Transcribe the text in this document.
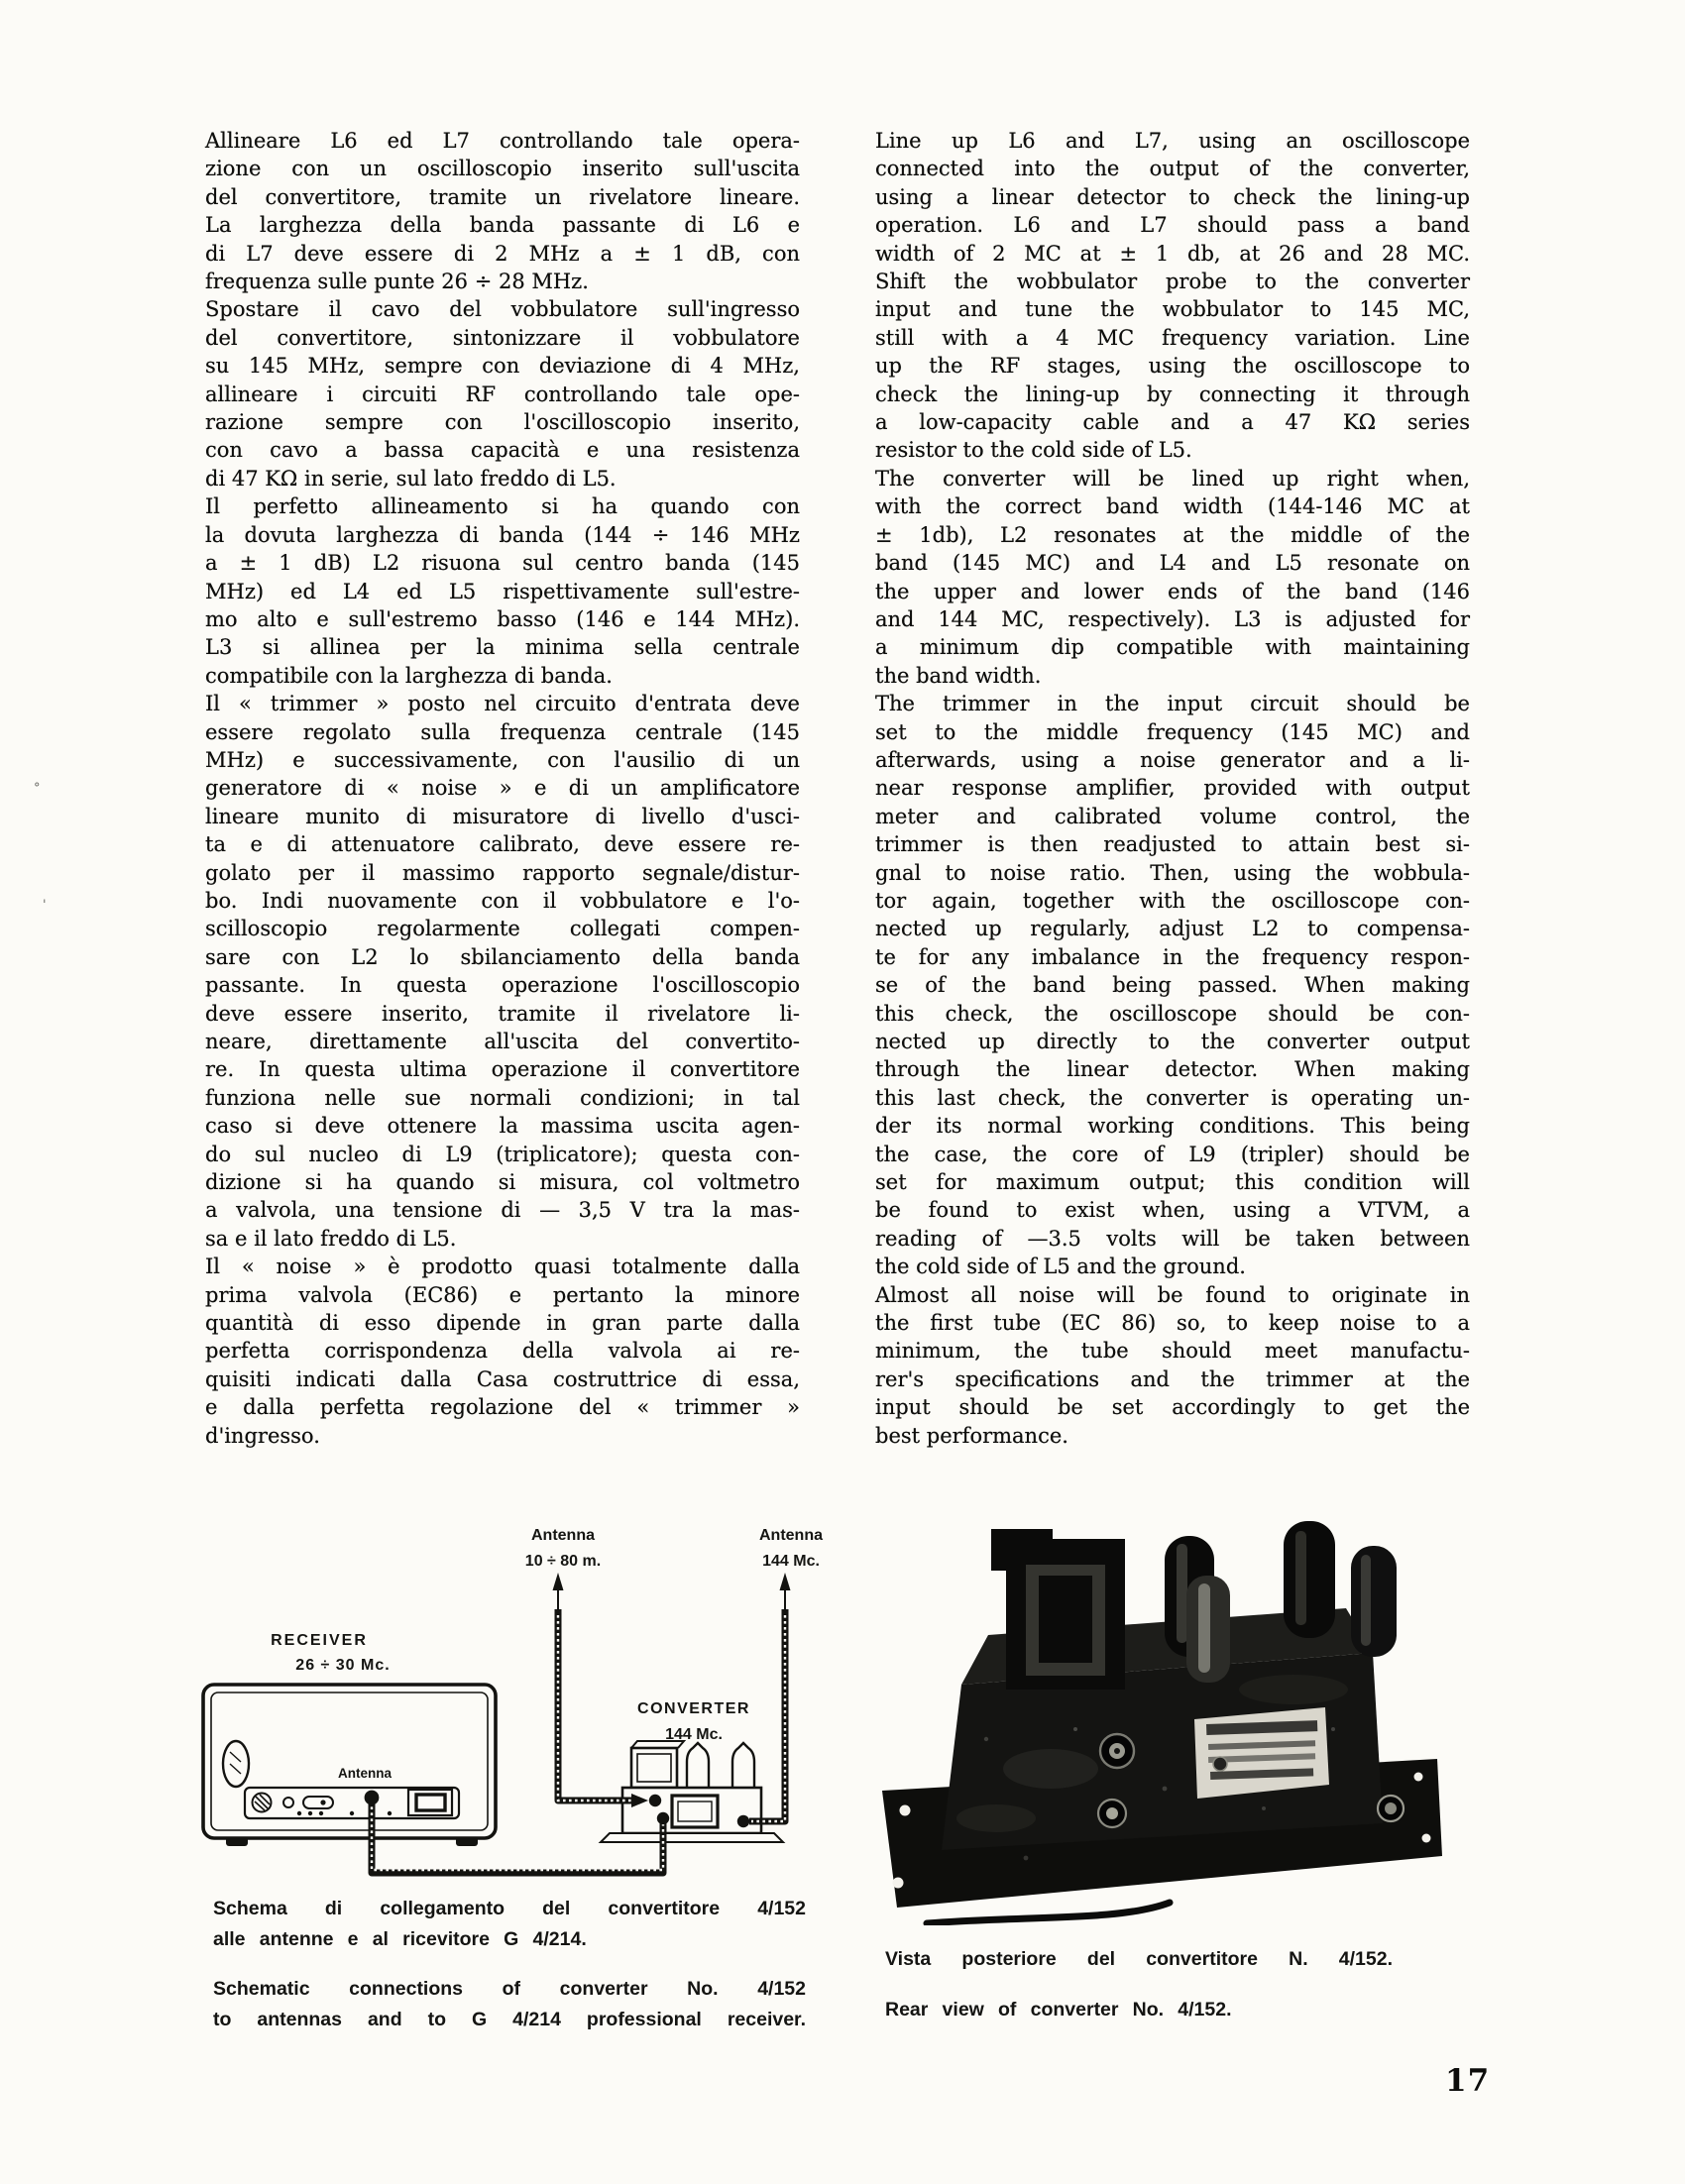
°
'
Allineare L6 ed L7 controllando tale opera-
zione con un oscilloscopio inserito sull'uscita
del convertitore, tramite un rivelatore lineare.
La larghezza della banda passante di L6 e
di L7 deve essere di 2 MHz a ± 1 dB, con
frequenza sulle punte 26 ÷ 28 MHz.
Spostare il cavo del vobbulatore sull'ingresso
del convertitore, sintonizzare il vobbulatore
su 145 MHz, sempre con deviazione di 4 MHz,
allineare i circuiti RF controllando tale ope-
razione sempre con l'oscilloscopio inserito,
con cavo a bassa capacità e una resistenza
di 47 KΩ in serie, sul lato freddo di L5.
Il perfetto allineamento si ha quando con
la dovuta larghezza di banda (144 ÷ 146 MHz
a ± 1 dB) L2 risuona sul centro banda (145
MHz) ed L4 ed L5 rispettivamente sull'estre-
mo alto e sull'estremo basso (146 e 144 MHz).
L3 si allinea per la minima sella centrale
compatibile con la larghezza di banda.
Il « trimmer » posto nel circuito d'entrata deve
essere regolato sulla frequenza centrale (145
MHz) e successivamente, con l'ausilio di un
generatore di « noise » e di un amplificatore
lineare munito di misuratore di livello d'usci-
ta e di attenuatore calibrato, deve essere re-
golato per il massimo rapporto segnale/distur-
bo. Indi nuovamente con il vobbulatore e l'o-
scilloscopio regolarmente collegati compen-
sare con L2 lo sbilanciamento della banda
passante. In questa operazione l'oscilloscopio
deve essere inserito, tramite il rivelatore li-
neare, direttamente all'uscita del convertito-
re. In questa ultima operazione il convertitore
funziona nelle sue normali condizioni; in tal
caso si deve ottenere la massima uscita agen-
do sul nucleo di L9 (triplicatore); questa con-
dizione si ha quando si misura, col voltmetro
a valvola, una tensione di — 3,5 V tra la mas-
sa e il lato freddo di L5.
Il « noise » è prodotto quasi totalmente dalla
prima valvola (EC86) e pertanto la minore
quantità di esso dipende in gran parte dalla
perfetta corrispondenza della valvola ai re-
quisiti indicati dalla Casa costruttrice di essa,
e dalla perfetta regolazione del « trimmer »
d'ingresso.
Line up L6 and L7, using an oscilloscope
connected into the output of the converter,
using a linear detector to check the lining-up
operation. L6 and L7 should pass a band
width of 2 MC at ± 1 db, at 26 and 28 MC.
Shift the wobbulator probe to the converter
input and tune the wobbulator to 145 MC,
still with a 4 MC frequency variation. Line
up the RF stages, using the oscilloscope to
check the lining-up by connecting it through
a low-capacity cable and a 47 KΩ series
resistor to the cold side of L5.
The converter will be lined up right when,
with the correct band width (144-146 MC at
± 1db), L2 resonates at the middle of the
band (145 MC) and L4 and L5 resonate on
the upper and lower ends of the band (146
and 144 MC, respectively). L3 is adjusted for
a minimum dip compatible with maintaining
the band width.
The trimmer in the input circuit should be
set to the middle frequency (145 MC) and
afterwards, using a noise generator and a li-
near response amplifier, provided with output
meter and calibrated volume control, the
trimmer is then readjusted to attain best si-
gnal to noise ratio. Then, using the wobbula-
tor again, together with the oscilloscope con-
nected up regularly, adjust L2 to compensa-
te for any imbalance in the frequency respon-
se of the band being passed. When making
this check, the oscilloscope should be con-
nected up directly to the converter output
through the linear detector. When making
this last check, the converter is operating un-
der its normal working conditions. This being
the case, the core of L9 (tripler) should be
set for maximum output; this condition will
be found to exist when, using a VTVM, a
reading of —3.5 volts will be taken between
the cold side of L5 and the ground.
Almost all noise will be found to originate in
the first tube (EC 86) so, to keep noise to a
minimum, the tube should meet manufactu-
rer's specifications and the trimmer at the
input should be set accordingly to get the
best performance.
Antenna
10 ÷ 80 m.
Antenna
144 Mc.
RECEIVER
26 ÷ 30 Mc.
CONVERTER
144 Mc.
Antenna
Schema di collegamento del convertitore 4/152
alle antenne e al ricevitore G 4/214.
Schematic connections of converter No. 4/152
to antennas and to G 4/214 professional receiver.
Vista posteriore del convertitore N. 4/152.
Rear view of converter No. 4/152.
17
